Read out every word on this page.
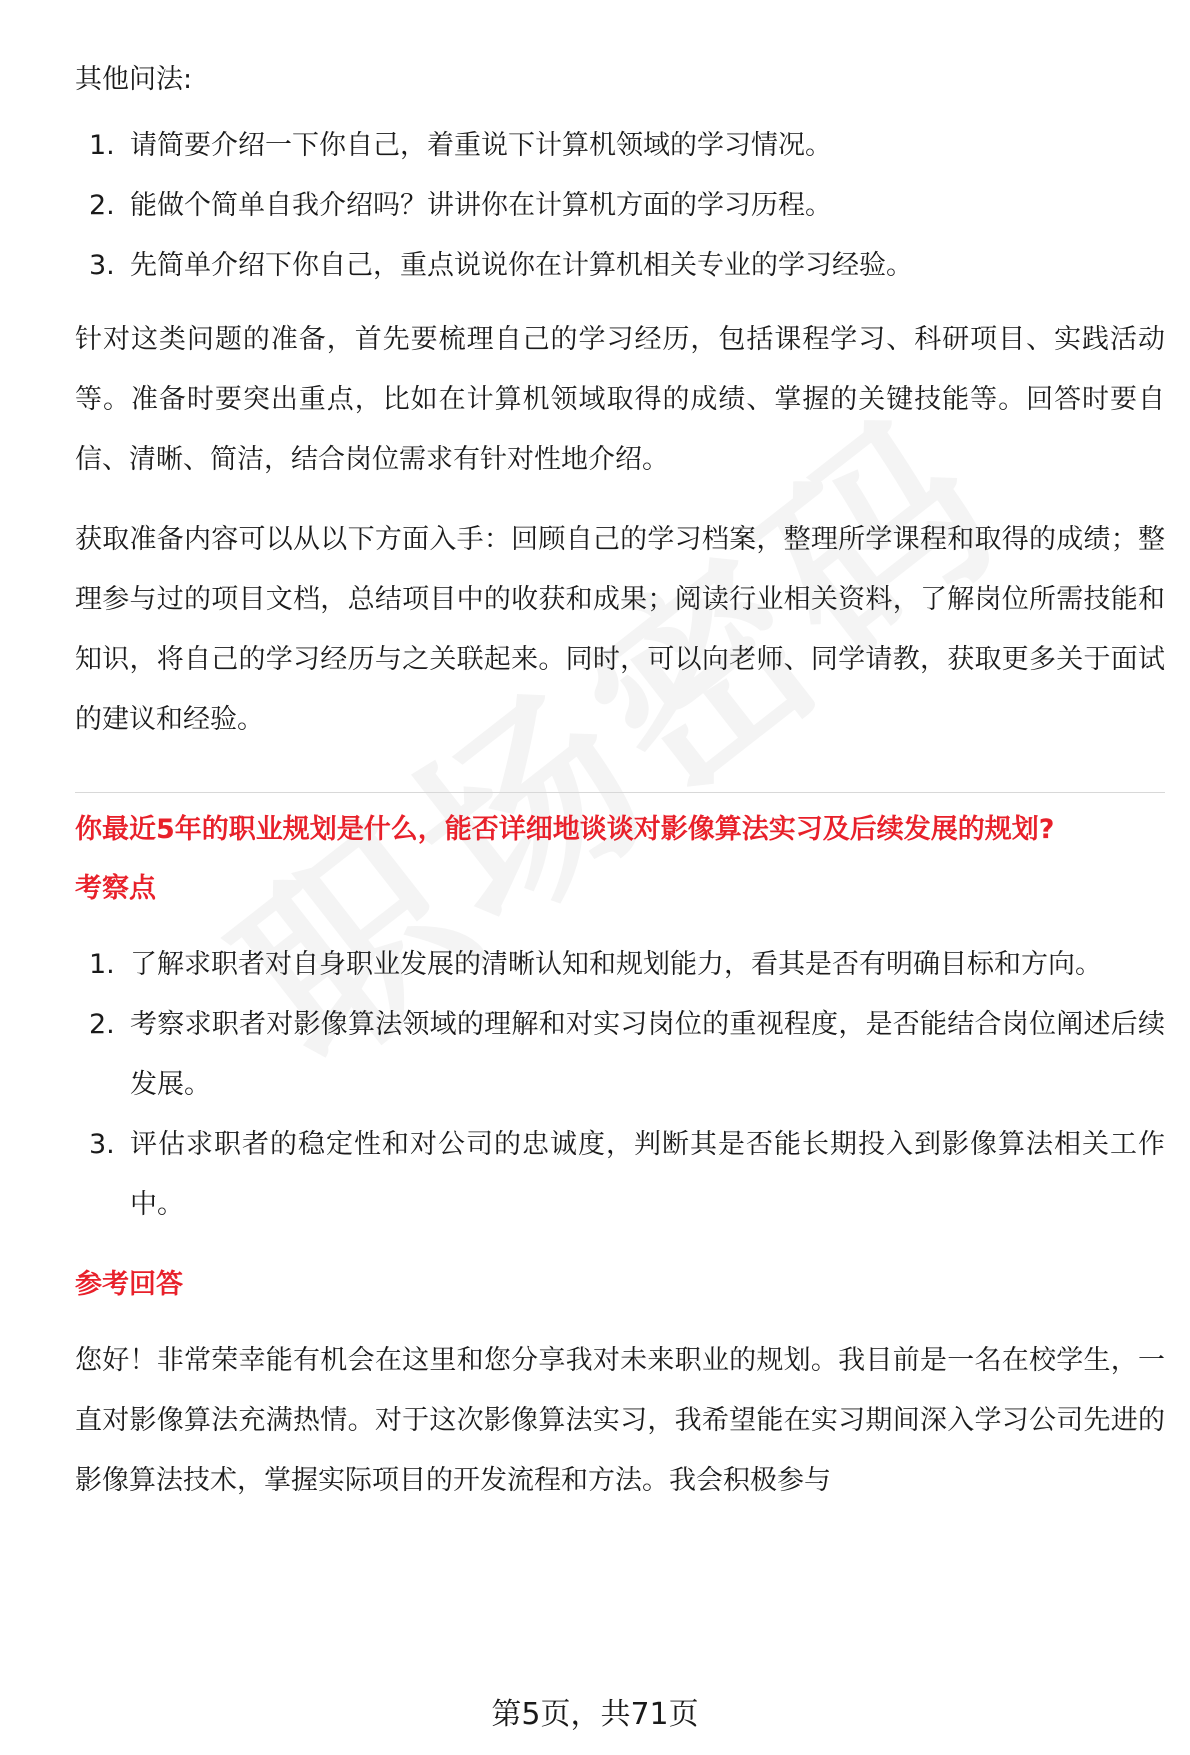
其他问法:
1. 请简要介绍一下你自己，着重说下计算机领域的学习情况。
2. 能做个简单自我介绍吗？讲讲你在计算机方面的学习历程。
3. 先简单介绍下你自己，重点说说你在计算机相关专业的学习经验。

针对这类问题的准备，首先要梳理自己的学习经历，包括课程学习、科研项目、实践活动等。准备时要突出重点，比如在计算机领域取得的成绩、掌握的关键技能等。回答时要自信、清晰、简洁，结合岗位需求有针对性地介绍。

获取准备内容可以从以下方面入手：回顾自己的学习档案，整理所学课程和取得的成绩；整理参与过的项目文档，总结项目中的收获和成果；阅读行业相关资料，了解岗位所需技能和知识，将自己的学习经历与之关联起来。同时，可以向老师、同学请教，获取更多关于面试的建议和经验。

你最近5年的职业规划是什么，能否详细地谈谈对影像算法实习及后续发展的规划?
考察点
1. 了解求职者对自身职业发展的清晰认知和规划能力，看其是否有明确目标和方向。
2. 考察求职者对影像算法领域的理解和对实习岗位的重视程度，是否能结合岗位阐述后续发展。
3. 评估求职者的稳定性和对公司的忠诚度，判断其是否能长期投入到影像算法相关工作中。
参考回答

您好！非常荣幸能有机会在这里和您分享我对未来职业的规划。我目前是一名在校学生，一直对影像算法充满热情。对于这次影像算法实习，我希望能在实习期间深入学习公司先进的影像算法技术，掌握实际项目的开发流程和方法。我会积极参与

第5页，共71页
